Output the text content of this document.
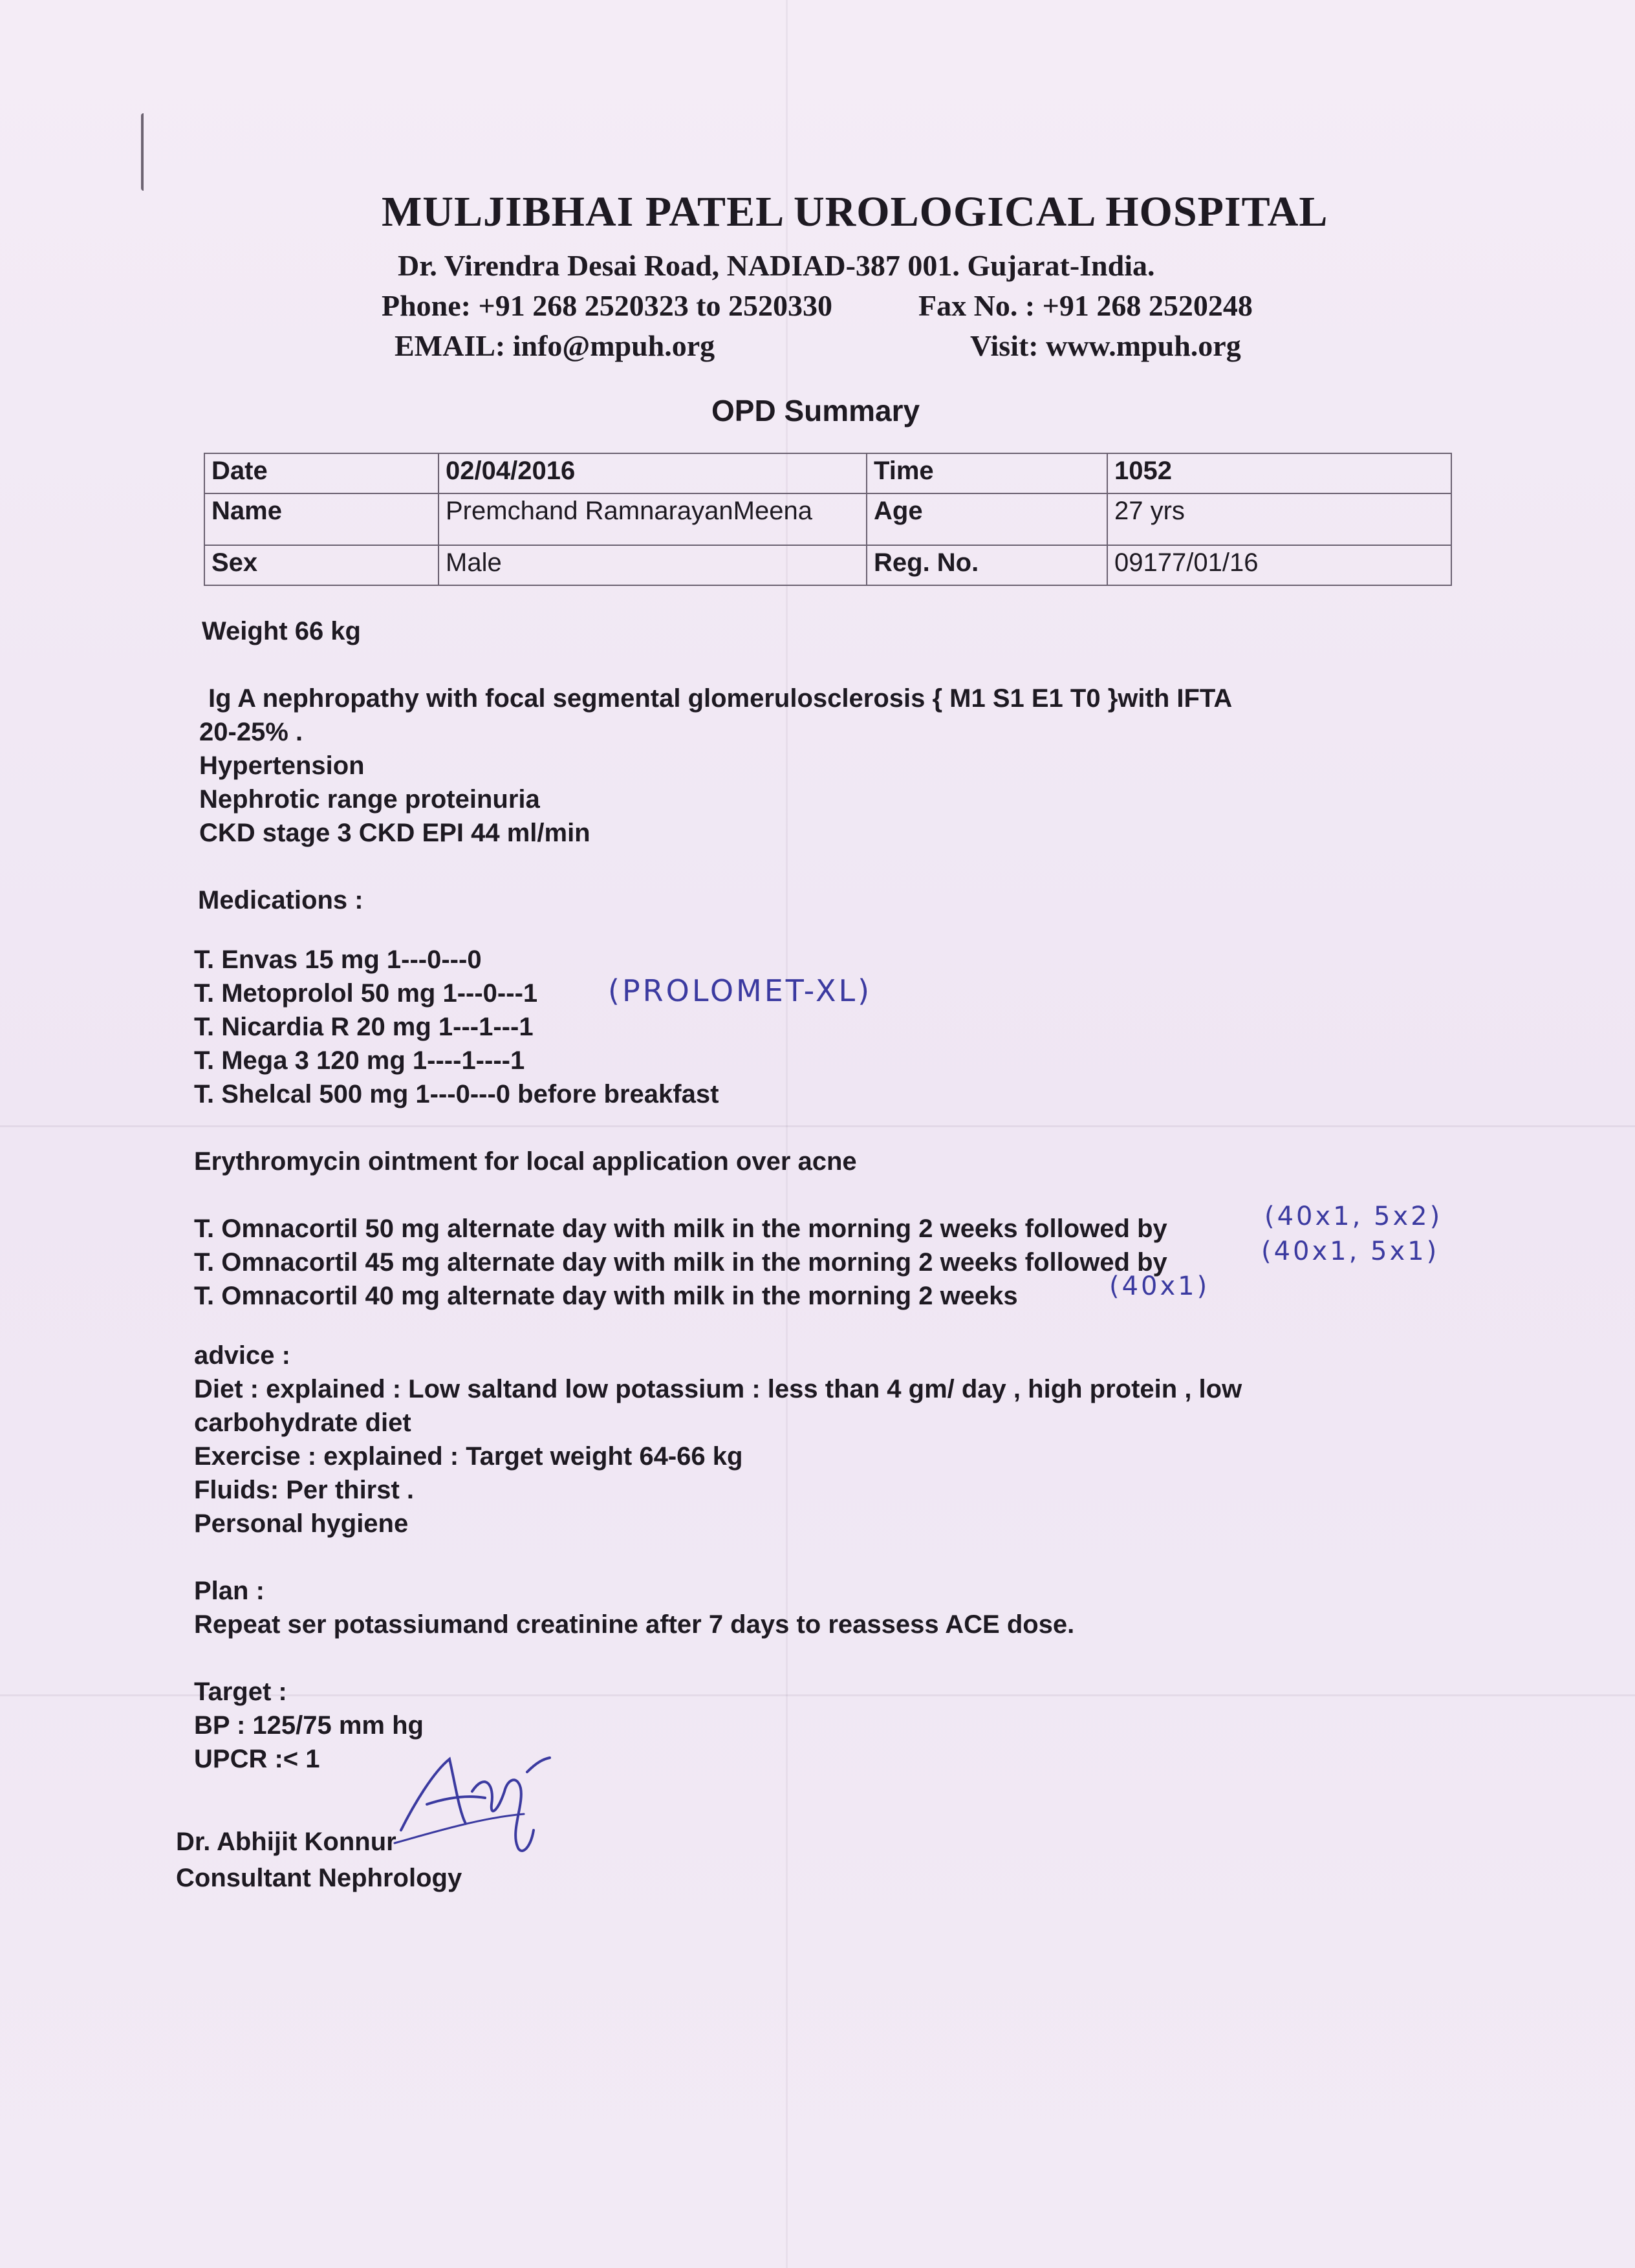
MULJIBHAI PATEL UROLOGICAL HOSPITAL

Dr. Virendra Desai Road, NADIAD-387 001. Gujarat-India.

Phone: +91 268 2520323 to 2520330	Fax No. : +91 268 2520248

EMAIL: info@mpuh.org	Visit: www.mpuh.org

OPD Summary
Date	02/04/2016	Time	1052
Name	Premchand RamnarayanMeena	Age	27 yrs
Sex	Male	Reg. No.	09177/01/16

Weight 66 kg

Ig A nephropathy with focal segmental glomerulosclerosis { M1 S1 E1 T0 }with IFTA

20-25% .

Hypertension

Nephrotic range proteinuria

CKD stage 3 CKD EPI 44 ml/min

Medications :

T. Envas 15 mg 1---0---0

T. Metoprolol 50 mg 1---0---1

T. Nicardia R 20 mg 1---1---1

T. Mega 3 120 mg 1----1----1

T. Shelcal 500 mg 1---0---0 before breakfast

Erythromycin ointment for local application over acne

T. Omnacortil 50 mg alternate day with milk in the morning 2 weeks followed by

T. Omnacortil 45 mg alternate day with milk in the morning 2 weeks followed by

T. Omnacortil 40 mg alternate day with milk in the morning 2 weeks

advice :

Diet : explained : Low saltand low potassium : less than 4 gm/ day , high protein , low

carbohydrate diet

Exercise : explained : Target weight 64-66 kg

Fluids: Per thirst .

Personal hygiene

Plan :

Repeat ser potassiumand creatinine after 7 days to reassess ACE dose.

Target :

BP : 125/75 mm hg

UPCR :< 1

(PROLOMET-XL)
(40x1, 5x2)
(40x1, 5x1)
(40x1)

Dr. Abhijit Konnur

Consultant Nephrology
